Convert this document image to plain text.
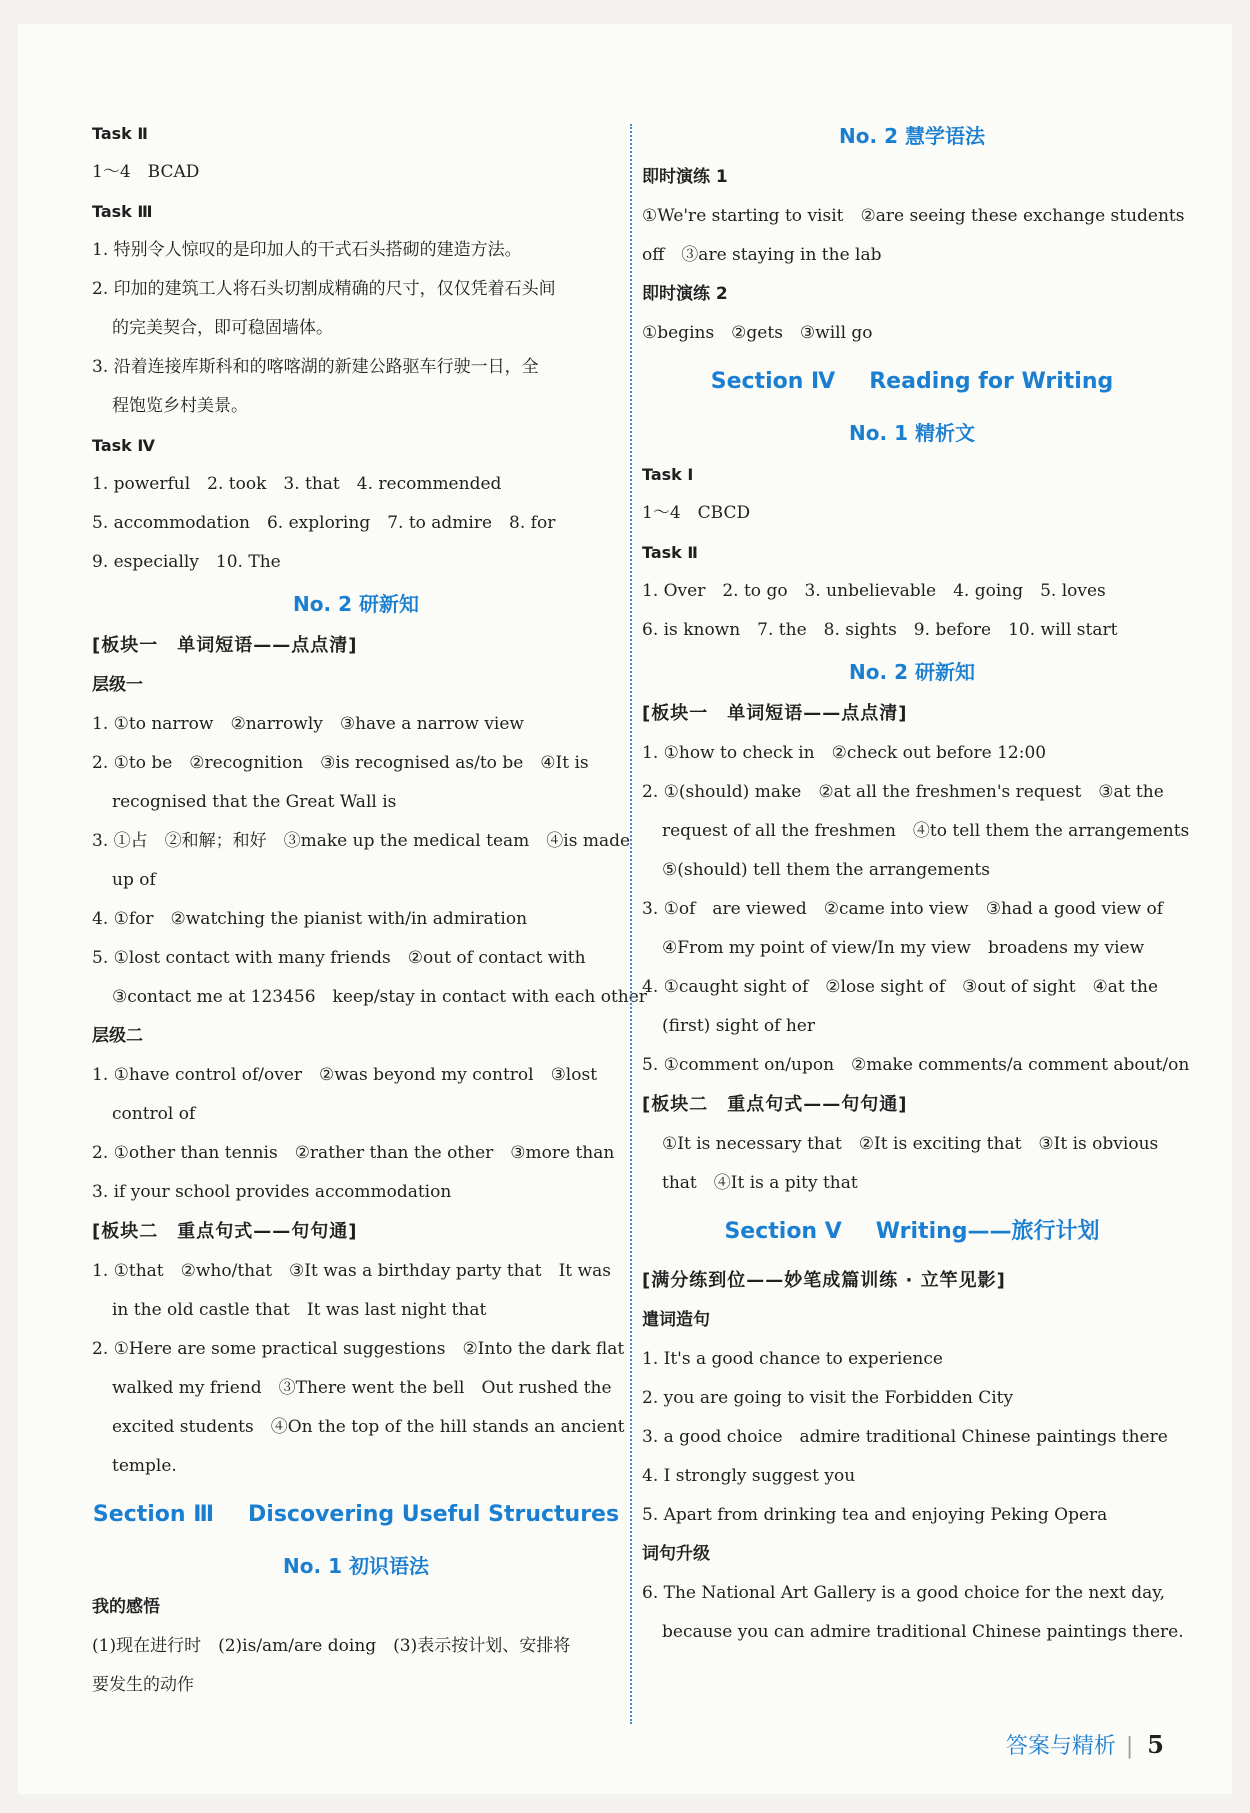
Task Ⅱ
1～4　BCAD
Task Ⅲ
1. 特别令人惊叹的是印加人的干式石头搭砌的建造方法。
2. 印加的建筑工人将石头切割成精确的尺寸，仅仅凭着石头间
的完美契合，即可稳固墙体。
3. 沿着连接库斯科和的喀喀湖的新建公路驱车行驶一日，全
程饱览乡村美景。
Task Ⅳ
1. powerful　2. took　3. that　4. recommended
5. accommodation　6. exploring　7. to admire　8. for
9. especially　10. The
No. 2 研新知
[板块一　单词短语——点点清]
层级一
1. ①to narrow　②narrowly　③have a narrow view
2. ①to be　②recognition　③is recognised as/to be　④It is
recognised that the Great Wall is
3. ①占　②和解；和好　③make up the medical team　④is made
up of
4. ①for　②watching the pianist with/in admiration
5. ①lost contact with many friends　②out of contact with
③contact me at 123456　keep/stay in contact with each other
层级二
1. ①have control of/over　②was beyond my control　③lost
control of
2. ①other than tennis　②rather than the other　③more than
3. if your school provides accommodation
[板块二　重点句式——句句通]
1. ①that　②who/that　③It was a birthday party that　It was
in the old castle that　It was last night that
2. ①Here are some practical suggestions　②Into the dark flat
walked my friend　③There went the bell　Out rushed the
excited students　④On the top of the hill stands an ancient
temple.
Section Ⅲ Discovering Useful Structures
No. 1 初识语法
我的感悟
(1)现在进行时　(2)is/am/are doing　(3)表示按计划、安排将
要发生的动作
No. 2 慧学语法
即时演练 1
①We're starting to visit　②are seeing these exchange students
off　③are staying in the lab
即时演练 2
①begins　②gets　③will go
Section Ⅳ Reading for Writing
No. 1 精析文
Task Ⅰ
1～4　CBCD
Task Ⅱ
1. Over　2. to go　3. unbelievable　4. going　5. loves
6. is known　7. the　8. sights　9. before　10. will start
No. 2 研新知
[板块一　单词短语——点点清]
1. ①how to check in　②check out before 12:00
2. ①(should) make　②at all the freshmen's request　③at the
request of all the freshmen　④to tell them the arrangements
⑤(should) tell them the arrangements
3. ①of　are viewed　②came into view　③had a good view of
④From my point of view/In my view　broadens my view
4. ①caught sight of　②lose sight of　③out of sight　④at the
(first) sight of her
5. ①comment on/upon　②make comments/a comment about/on
[板块二　重点句式——句句通]
①It is necessary that　②It is exciting that　③It is obvious
that　④It is a pity that
Section Ⅴ Writing——旅行计划
[满分练到位——妙笔成篇训练 · 立竿见影]
遣词造句
1. It's a good chance to experience
2. you are going to visit the Forbidden City
3. a good choice　admire traditional Chinese paintings there
4. I strongly suggest you
5. Apart from drinking tea and enjoying Peking Opera
词句升级
6. The National Art Gallery is a good choice for the next day,
because you can admire traditional Chinese paintings there.
答案与精析 | 5
